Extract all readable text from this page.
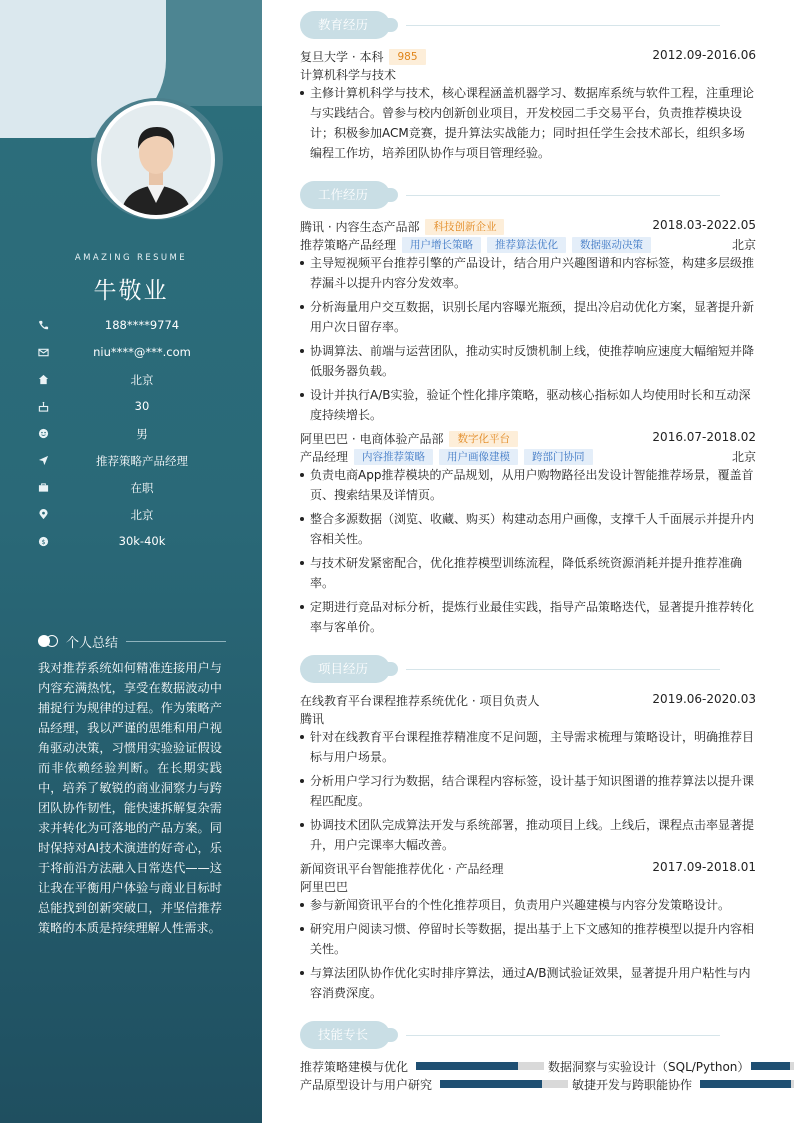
AMAZING RESUME
牛敬业
188****9774
niu****@***.com
北京
30
男
推荐策略产品经理
在职
北京
$	30k-40k
个人总结
我对推荐系统如何精准连接用户与内容充满热忱，享受在数据波动中捕捉行为规律的过程。作为策略产品经理，我以严谨的思维和用户视角驱动决策，习惯用实验验证假设而非依赖经验判断。在长期实践中，培养了敏锐的商业洞察力与跨团队协作韧性，能快速拆解复杂需求并转化为可落地的产品方案。同时保持对AI技术演进的好奇心，乐于将前沿方法融入日常迭代——这让我在平衡用户体验与商业目标时总能找到创新突破口，并坚信推荐策略的本质是持续理解人性需求。
教育经历
复旦大学 · 本科	985	2012.09-2016.06
计算机科学与技术
主修计算机科学与技术，核心课程涵盖机器学习、数据库系统与软件工程，注重理论与实践结合。曾参与校内创新创业项目，开发校园二手交易平台，负责推荐模块设计；积极参加ACM竞赛，提升算法实战能力；同时担任学生会技术部长，组织多场编程工作坊，培养团队协作与项目管理经验。
工作经历
腾讯 · 内容生态产品部	科技创新企业	2018.03-2022.05
推荐策略产品经理	用户增长策略	推荐算法优化	数据驱动决策	北京
主导短视频平台推荐引擎的产品设计，结合用户兴趣图谱和内容标签，构建多层级推荐漏斗以提升内容分发效率。
分析海量用户交互数据，识别长尾内容曝光瓶颈，提出冷启动优化方案，显著提升新用户次日留存率。
协调算法、前端与运营团队，推动实时反馈机制上线，使推荐响应速度大幅缩短并降低服务器负载。
设计并执行A/B实验，验证个性化排序策略，驱动核心指标如人均使用时长和互动深度持续增长。
阿里巴巴 · 电商体验产品部	数字化平台	2016.07-2018.02
产品经理	内容推荐策略	用户画像建模	跨部门协同	北京
负责电商App推荐模块的产品规划，从用户购物路径出发设计智能推荐场景，覆盖首页、搜索结果及详情页。
整合多源数据（浏览、收藏、购买）构建动态用户画像，支撑千人千面展示并提升内容相关性。
与技术研发紧密配合，优化推荐模型训练流程，降低系统资源消耗并提升推荐准确率。
定期进行竞品对标分析，提炼行业最佳实践，指导产品策略迭代，显著提升推荐转化率与客单价。
项目经历
在线教育平台课程推荐系统优化 · 项目负责人	2019.06-2020.03
腾讯
针对在线教育平台课程推荐精准度不足问题，主导需求梳理与策略设计，明确推荐目标与用户场景。
分析用户学习行为数据，结合课程内容标签，设计基于知识图谱的推荐算法以提升课程匹配度。
协调技术团队完成算法开发与系统部署，推动项目上线。上线后，课程点击率显著提升，用户完课率大幅改善。
新闻资讯平台智能推荐优化 · 产品经理	2017.09-2018.01
阿里巴巴
参与新闻资讯平台的个性化推荐项目，负责用户兴趣建模与内容分发策略设计。
研究用户阅读习惯、停留时长等数据，提出基于上下文感知的推荐模型以提升内容相关性。
与算法团队协作优化实时排序算法，通过A/B测试验证效果，显著提升用户粘性与内容消费深度。
技能专长
推荐策略建模与优化	数据洞察与实验设计（SQL/Python）
产品原型设计与用户研究	敏捷开发与跨职能协作
